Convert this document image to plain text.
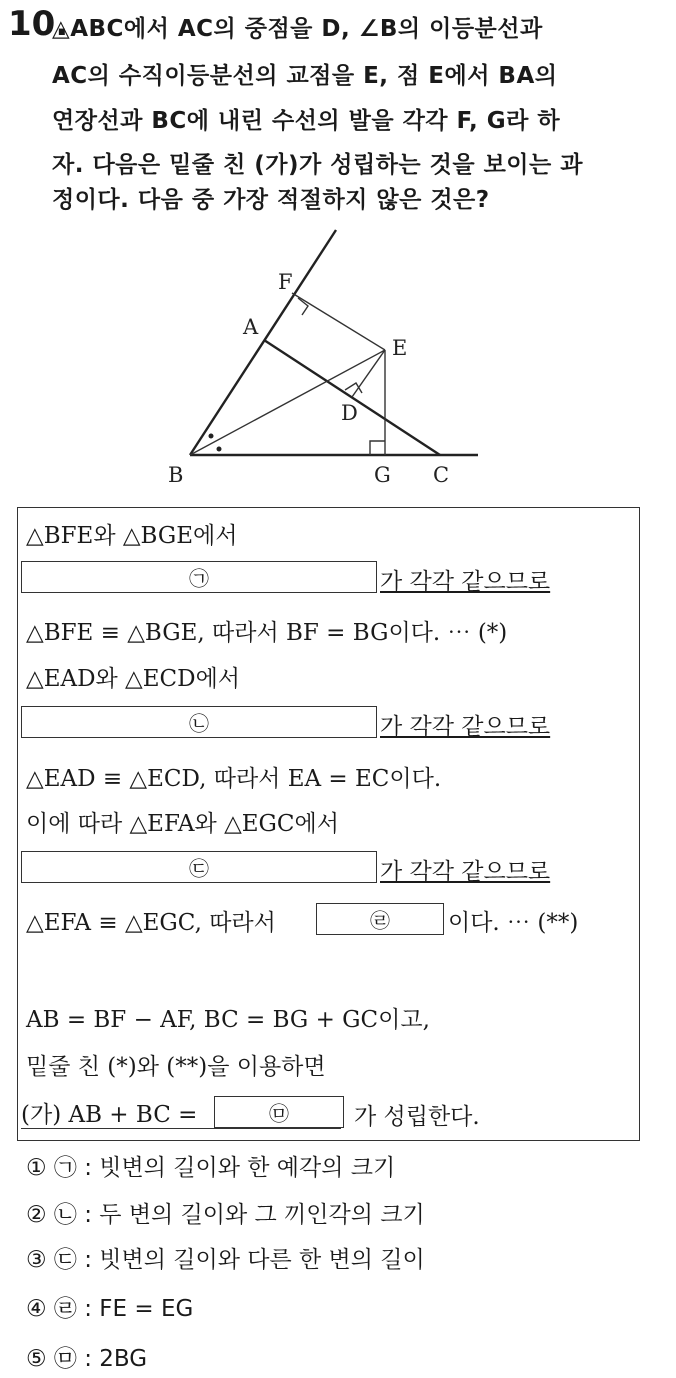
10.
△ABC에서 AC의 중점을 D, ∠B의 이등분선과
AC의 수직이등분선의 교점을 E, 점 E에서 BA의
연장선과 BC에 내린 수선의 발을 각각 F, G라 하
자. 다음은 밑줄 친 (가)가 성립하는 것을 보이는 과
정이다. 다음 중 가장 적절하지 않은 것은?
F
A
E
D
B	G C
△BFE와 △BGE에서
㉠	가 각각 같으므로
△BFE ≡ △BGE, 따라서 BF = BG이다. ⋯ (*)
△EAD와 △ECD에서
㉡	가 각각 같으므로
△EAD ≡ △ECD, 따라서 EA = EC이다.
이에 따라 △EFA와 △EGC에서
㉢	가 각각 같으므로
△EFA ≡ △EGC, 따라서	㉣	이다. ⋯ (**)
AB = BF − AF, BC = BG + GC이고,
밑줄 친 (*)와 (**)을 이용하면
(가) AB + BC =	㉤	가 성립한다.
① ㉠ : 빗변의 길이와 한 예각의 크기
② ㉡ : 두 변의 길이와 그 끼인각의 크기
③ ㉢ : 빗변의 길이와 다른 한 변의 길이
④ ㉣ : FE = EG
⑤ ㉤ : 2BG
